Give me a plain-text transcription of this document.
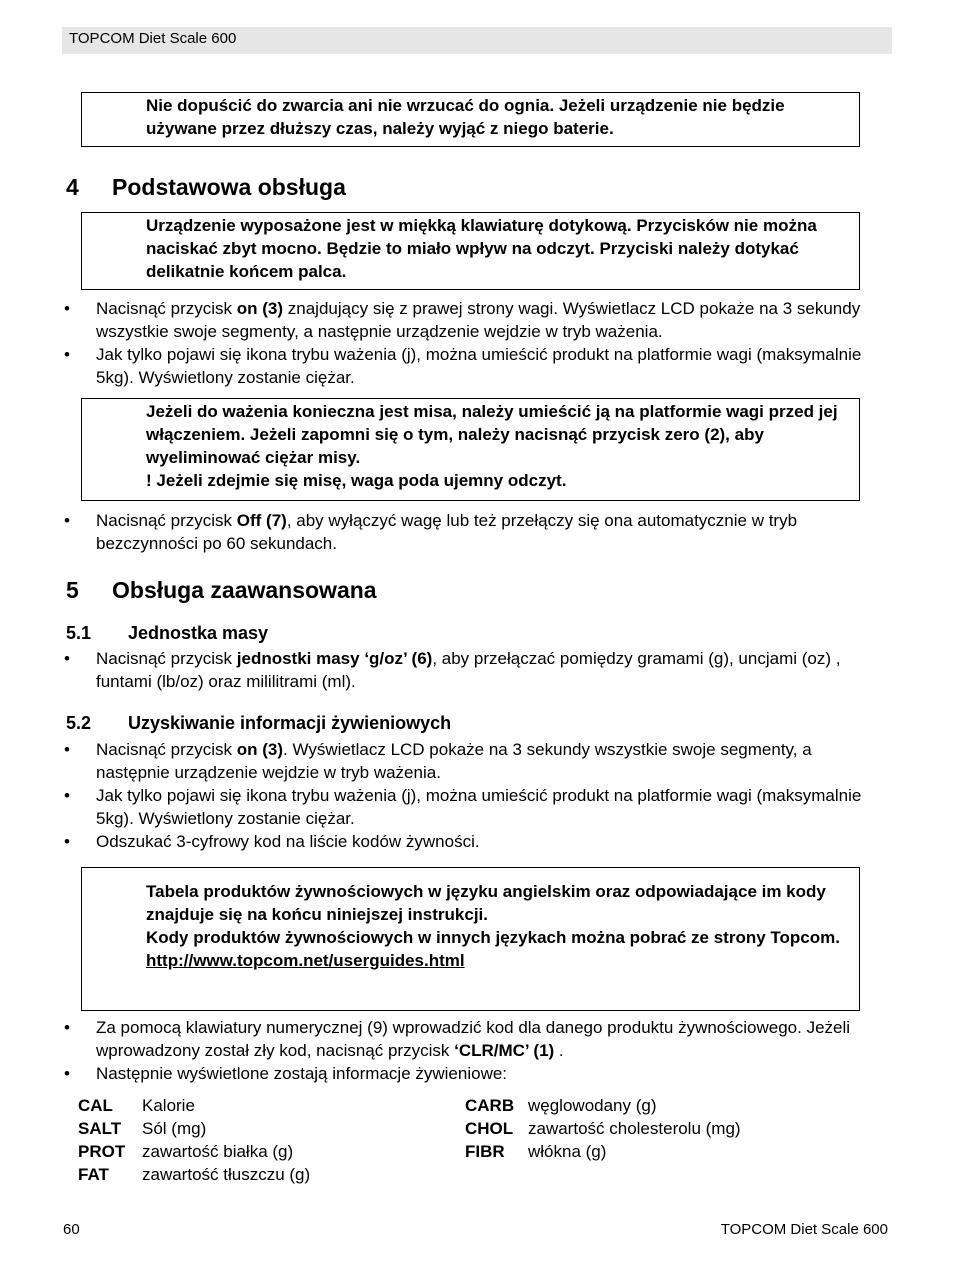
TOPCOM Diet Scale 600

Nie dopuścić do zwarcia ani nie wrzucać do ognia. Jeżeli urządzenie nie będzie używane przez dłuższy czas, należy wyjąć z niego baterie.

4 Podstawowa obsługa

Urządzenie wyposażone jest w miękką klawiaturę dotykową. Przycisków nie można naciskać zbyt mocno. Będzie to miało wpływ na odczyt. Przyciski należy dotykać delikatnie końcem palca.

• Nacisnąć przycisk on (3) znajdujący się z prawej strony wagi. Wyświetlacz LCD pokaże na 3 sekundy wszystkie swoje segmenty, a następnie urządzenie wejdzie w tryb ważenia.
• Jak tylko pojawi się ikona trybu ważenia (j), można umieścić produkt na platformie wagi (maksymalnie 5kg). Wyświetlony zostanie ciężar.

Jeżeli do ważenia konieczna jest misa, należy umieścić ją na platformie wagi przed jej włączeniem. Jeżeli zapomni się o tym, należy nacisnąć przycisk zero (2), aby wyeliminować ciężar misy.

! Jeżeli zdejmie się misę, waga poda ujemny odczyt.

• Nacisnąć przycisk Off (7), aby wyłączyć wagę lub też przełączy się ona automatycznie w tryb bezczynności po 60 sekundach.
5 Obsługa zaawansowana
5.1 Jednostka masy
• Nacisnąć przycisk jednostki masy ‘g/oz’ (6), aby przełączać pomiędzy gramami (g), uncjami (oz) , funtami (lb/oz) oraz mililitrami (ml).
5.2 Uzyskiwanie informacji żywieniowych
• Nacisnąć przycisk on (3). Wyświetlacz LCD pokaże na 3 sekundy wszystkie swoje segmenty, a następnie urządzenie wejdzie w tryb ważenia.
• Jak tylko pojawi się ikona trybu ważenia (j), można umieścić produkt na platformie wagi (maksymalnie 5kg). Wyświetlony zostanie ciężar.
• Odszukać 3-cyfrowy kod na liście kodów żywności.

Tabela produktów żywnościowych w języku angielskim oraz odpowiadające im kody znajduje się na końcu niniejszej instrukcji.

Kody produktów żywnościowych w innych językach można pobrać ze strony Topcom.

http://www.topcom.net/userguides.html

• Za pomocą klawiatury numerycznej (9) wprowadzić kod dla danego produktu żywnościowego. Jeżeli wprowadzony został zły kod, nacisnąć przycisk ‘CLR/MC’ (1) .
• Następnie wyświetlone zostają informacje żywieniowe:
CAL Kalorie
SALT Sól (mg)
PROT zawartość białka (g)
FAT zawartość tłuszczu (g)
CARB węglowodany (g)
CHOL zawartość cholesterolu (mg)
FIBR włókna (g)
60	TOPCOM Diet Scale 600
